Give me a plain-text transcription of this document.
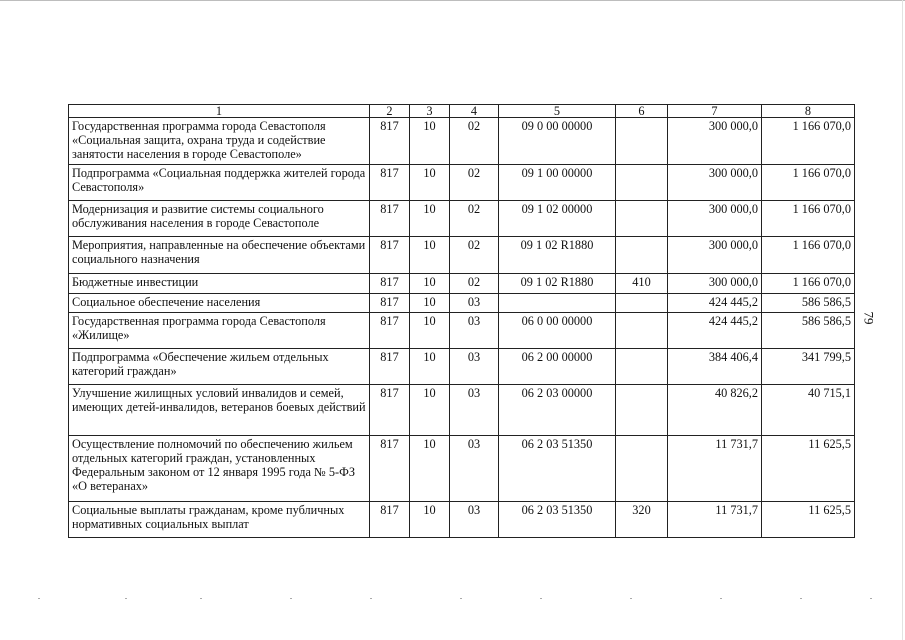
1	2	3	4	5	6	7	8
Государственная программа города Севастополя «Социальная защита, охрана труда и содействие занятости населения в городе Севастополе»	817	10	02	09 0 00 00000		300 000,0	1 166 070,0
Подпрограмма «Социальная поддержка жителей города Севастополя»	817	10	02	09 1 00 00000		300 000,0	1 166 070,0
Модернизация и развитие системы социального обслуживания населения в городе Севастополе	817	10	02	09 1 02 00000		300 000,0	1 166 070,0
Мероприятия, направленные на обеспечение объектами социального назначения	817	10	02	09 1 02 R1880		300 000,0	1 166 070,0
Бюджетные инвестиции	817	10	02	09 1 02 R1880	410	300 000,0	1 166 070,0
Социальное обеспечение населения	817	10	03			424 445,2	586 586,5
Государственная программа города Севастополя «Жилище»	817	10	03	06 0 00 00000		424 445,2	586 586,5
Подпрограмма «Обеспечение жильем отдельных категорий граждан»	817	10	03	06 2 00 00000		384 406,4	341 799,5
Улучшение жилищных условий инвалидов и семей, имеющих детей-инвалидов, ветеранов боевых действий	817	10	03	06 2 03 00000		40 826,2	40 715,1
Осуществление полномочий по обеспечению жильем отдельных категорий граждан, установленных Федеральным законом от 12 января 1995 года № 5-ФЗ «О ветеранах»	817	10	03	06 2 03 51350		11 731,7	11 625,5
Социальные выплаты гражданам, кроме публичных нормативных социальных выплат	817	10	03	06 2 03 51350	320	11 731,7	11 625,5
79
